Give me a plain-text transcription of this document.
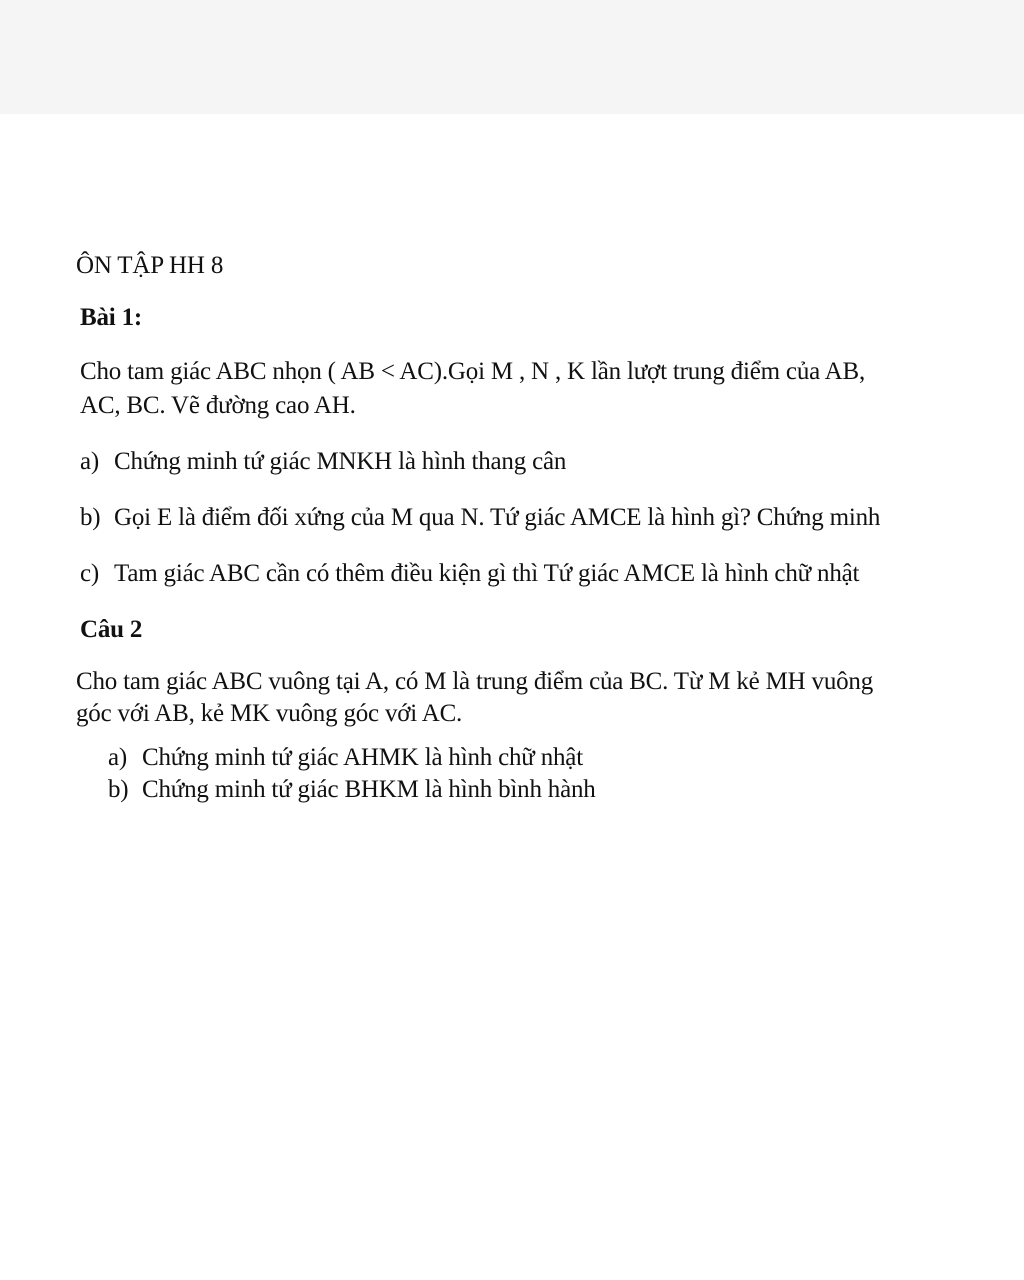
ÔN TẬP HH 8
Bài 1:
Cho tam giác ABC nhọn ( AB < AC).Gọi M , N , K lần lượt trung điểm của AB,
AC, BC. Vẽ đường cao AH.
a) Chứng minh tứ giác MNKH là hình thang cân
b) Gọi E là điểm đối xứng của M qua N. Tứ giác AMCE là hình gì? Chứng minh
c) Tam giác ABC cần có thêm điều kiện gì thì Tứ giác AMCE là hình chữ nhật
Câu 2
Cho tam giác ABC vuông tại A, có M là trung điểm của BC. Từ M kẻ MH vuông
góc với AB, kẻ MK vuông góc với AC.
a) Chứng minh tứ giác AHMK là hình chữ nhật
b) Chứng minh tứ giác BHKM là hình bình hành
